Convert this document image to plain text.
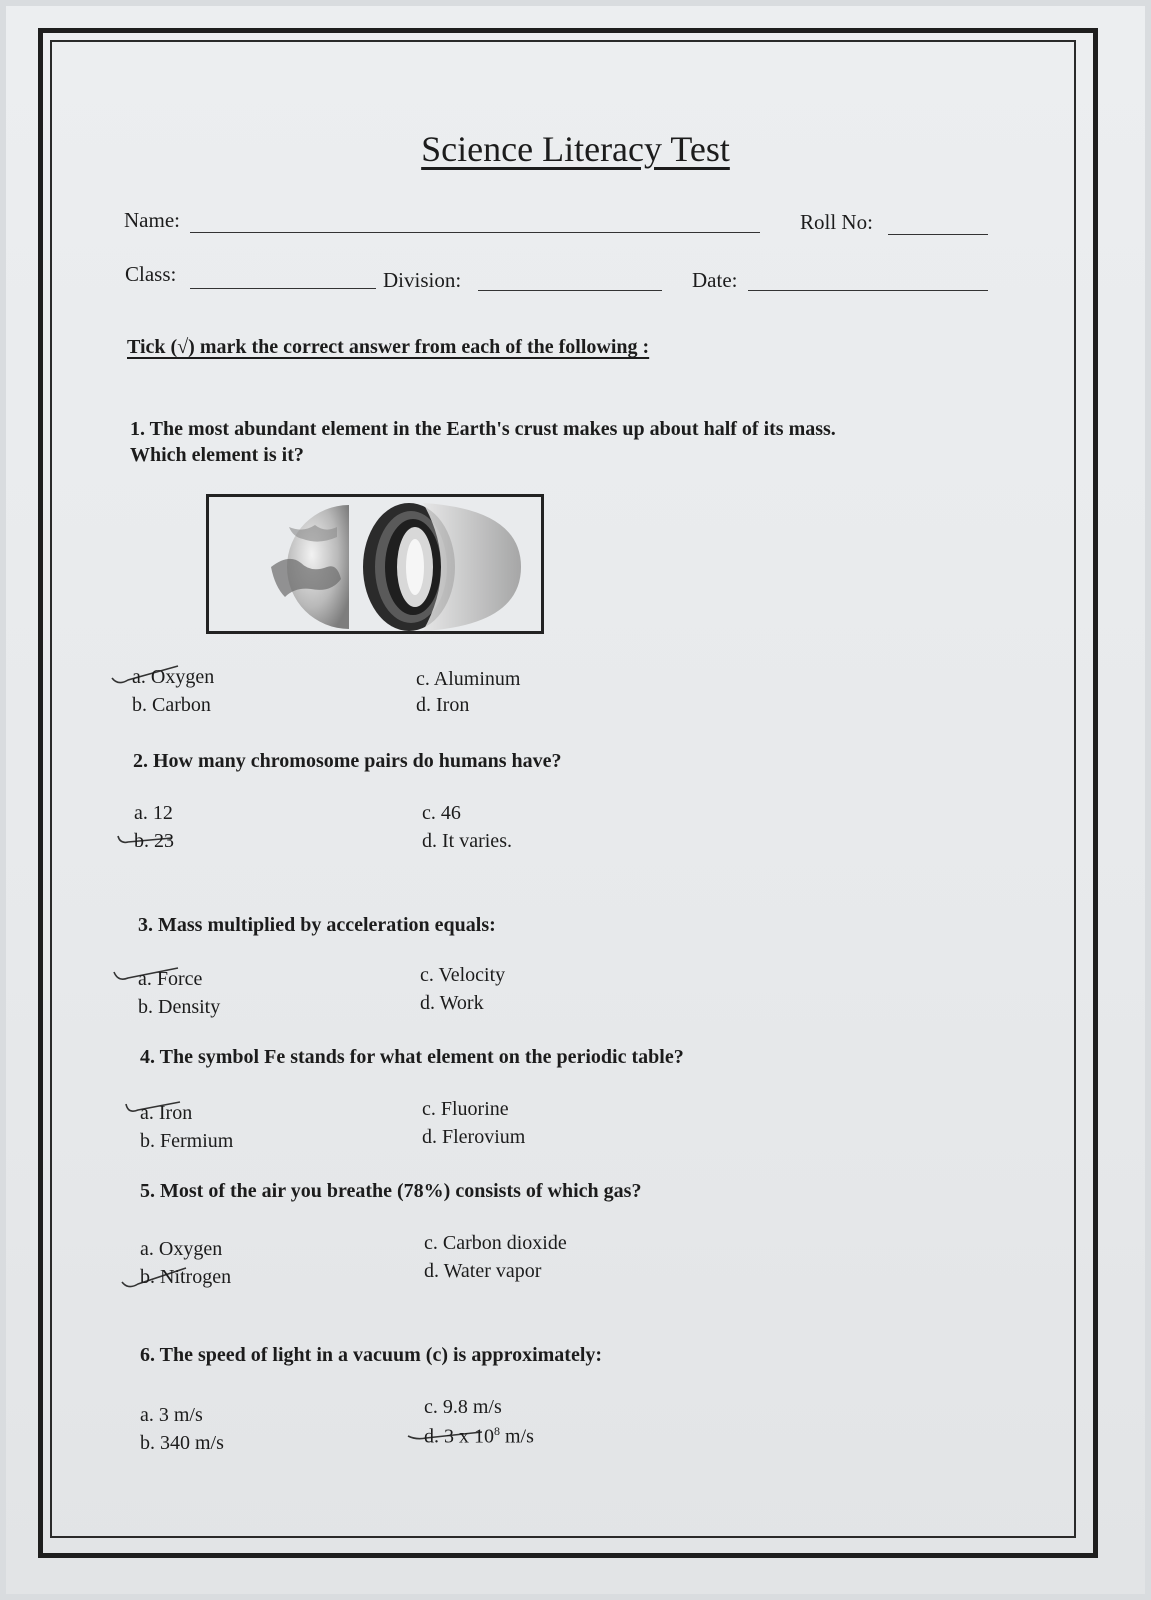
Science Literacy Test
Name:	Roll No:
Class:	Division:	Date:
Tick (√) mark the correct answer from each of the following :
1. The most abundant element in the Earth's crust makes up about half of its mass.
Which element is it?
a. Oxygen
b. Carbon
c. Aluminum
d. Iron
2. How many chromosome pairs do humans have?
a. 12
b. 23
c. 46
d. It varies.
3. Mass multiplied by acceleration equals:
a. Force
b. Density
c. Velocity
d. Work
4. The symbol Fe stands for what element on the periodic table?
a. Iron
b. Fermium
c. Fluorine
d. Flerovium
5. Most of the air you breathe (78%) consists of which gas?
a. Oxygen
b. Nitrogen
c. Carbon dioxide
d. Water vapor
6. The speed of light in a vacuum (c) is approximately:
a. 3 m/s
b. 340 m/s
c. 9.8 m/s
d. 3 x $10^8$ m/s
